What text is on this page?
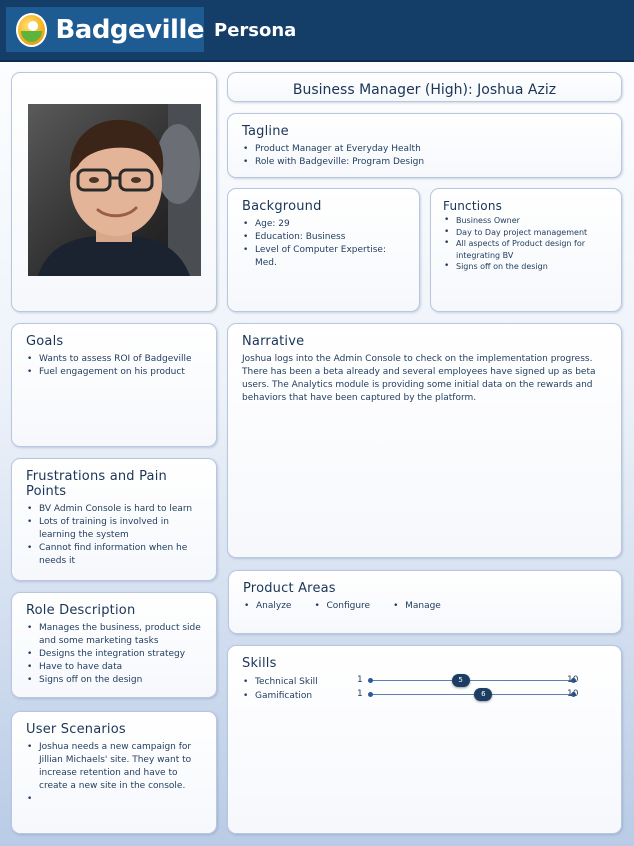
Badgeville Persona
Business Manager (High): Joshua Aziz
Tagline
• Product Manager at Everyday Health
• Role with Badgeville: Program Design
Background
• Age: 29
• Education: Business
• Level of Computer Expertise: Med.
Functions
• Business Owner
• Day to Day project management
• All aspects of Product design for integrating BV
• Signs off on the design
Goals
• Wants to assess ROI of Badgeville
• Fuel engagement on his product
Narrative

Joshua logs into the Admin Console to check on the implementation progress. There has been a beta already and several employees have signed up as beta users. The Analytics module is providing some initial data on the rewards and behaviors that have been captured by the platform.

Frustrations and Pain Points
• BV Admin Console is hard to learn
• Lots of training is involved in learning the system
• Cannot find information when he needs it
Product Areas
• Analyze	• Configure	• Manage
Role Description
• Manages the business, product side and some marketing tasks
• Designs the integration strategy
• Have to have data
• Signs off on the design
Skills
• Technical Skill	1	5	10
• Gamification	1	6	10
User Scenarios
• Joshua needs a new campaign for Jillian Michaels' site. They want to increase retention and have to create a new site in the console.
